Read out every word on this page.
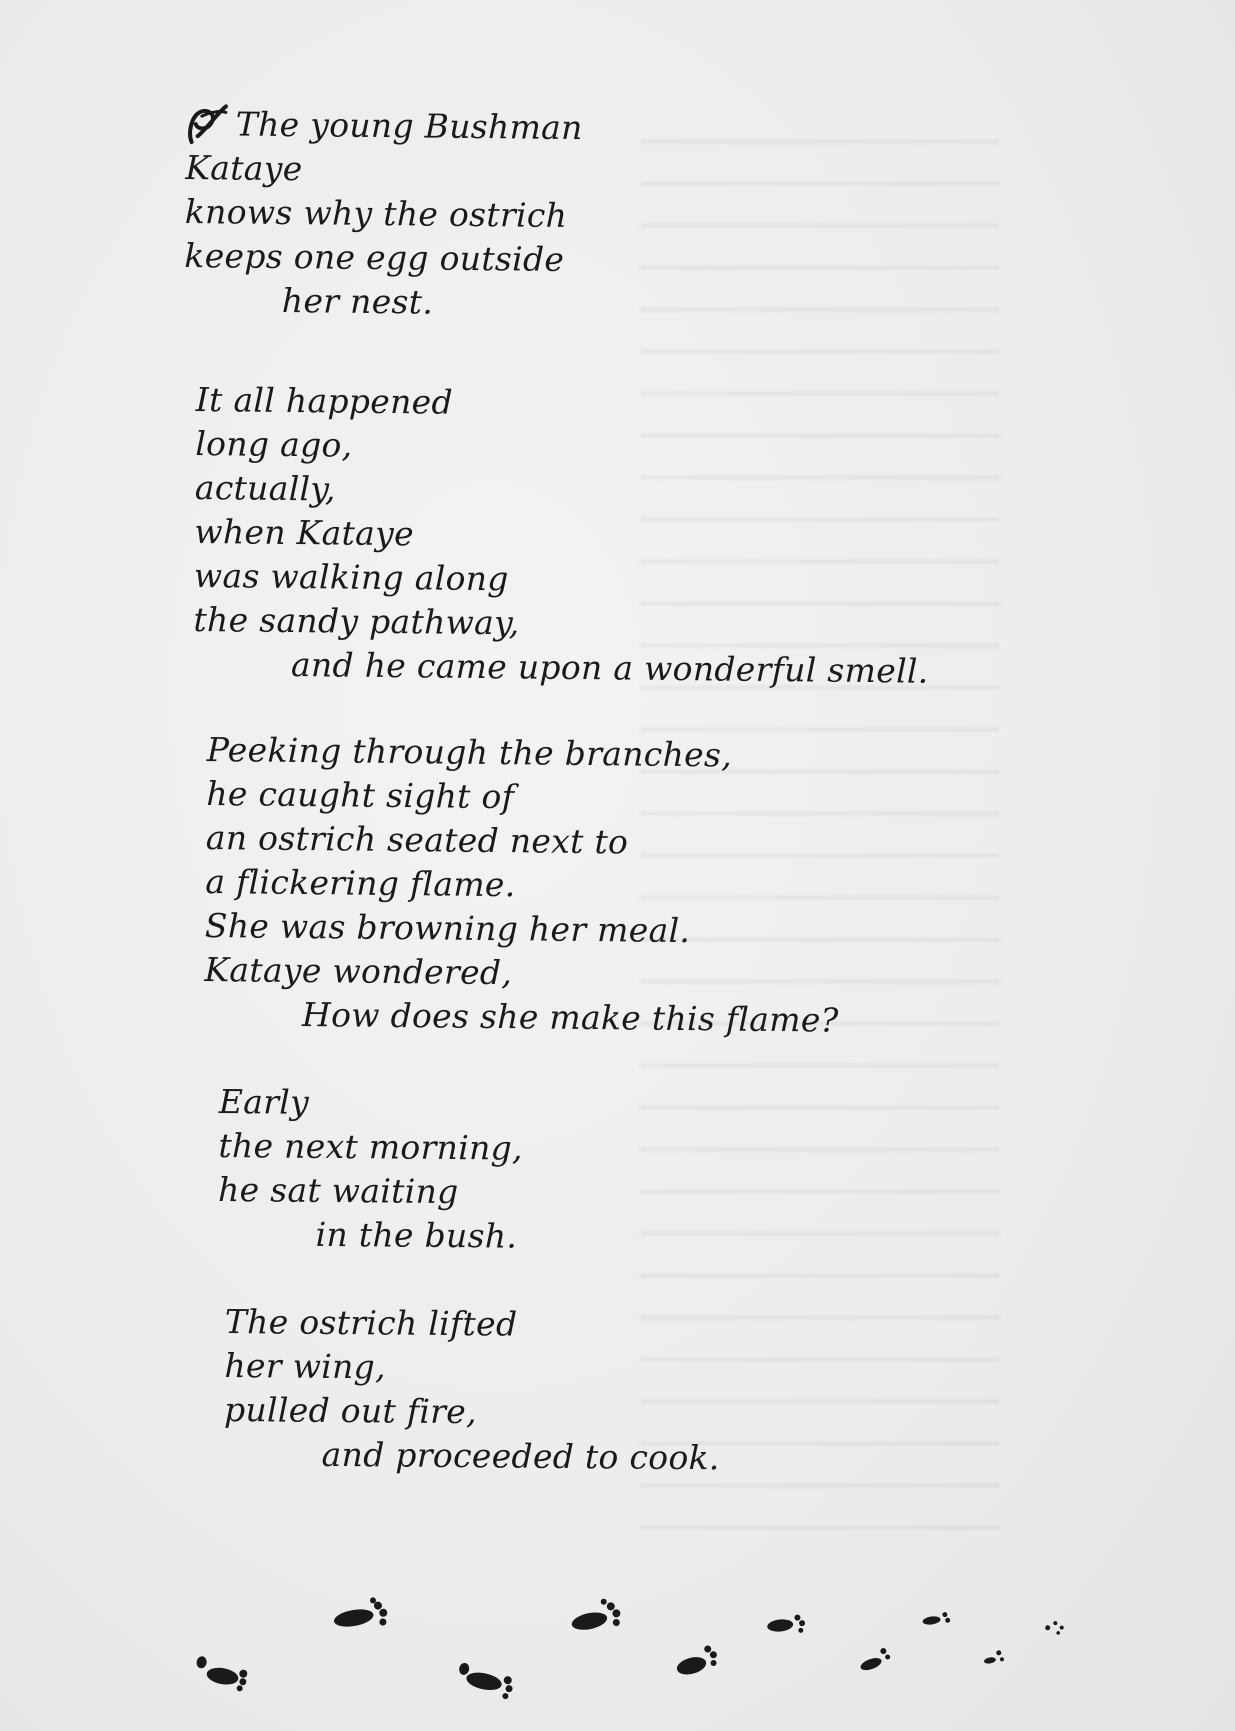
The young Bushman
Kataye
knows why the ostrich
keeps one egg outside
her nest.
It all happened
long ago,
actually,
when Kataye
was walking along
the sandy pathway,
and he came upon a wonderful smell.
Peeking through the branches,
he caught sight of
an ostrich seated next to
a flickering flame.
She was browning her meal.
Kataye wondered,
How does she make this flame?
Early
the next morning,
he sat waiting
in the bush.
The ostrich lifted
her wing,
pulled out fire,
and proceeded to cook.
